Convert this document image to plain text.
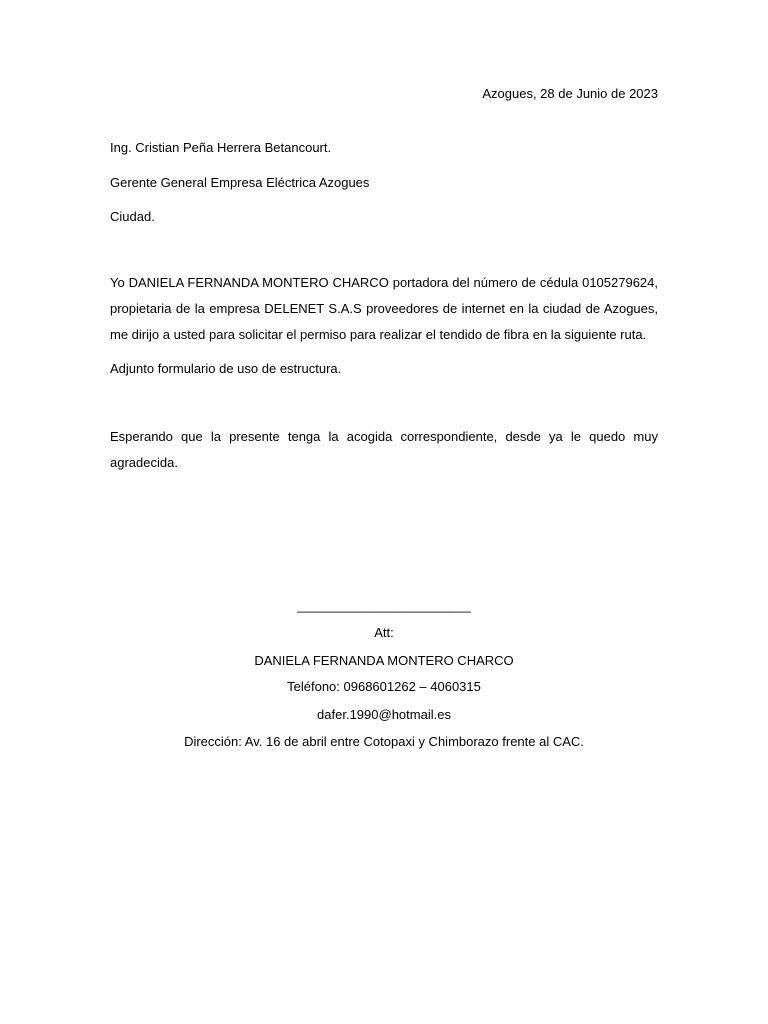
Azogues, 28 de Junio de 2023
Ing. Cristian Peña Herrera Betancourt.
Gerente General Empresa Eléctrica Azogues
Ciudad.
Yo DANIELA FERNANDA MONTERO CHARCO portadora del número de cédula 0105279624, propietaria de la empresa DELENET S.A.S proveedores de internet en la ciudad de Azogues, me dirijo a usted para solicitar el permiso para realizar el tendido de fibra en la siguiente ruta.
Adjunto formulario de uso de estructura.
Esperando que la presente tenga la acogida correspondiente, desde ya le quedo muy agradecida.
________________________
Att:
DANIELA FERNANDA MONTERO CHARCO
Teléfono: 0968601262 – 4060315
dafer.1990@hotmail.es
Dirección: Av. 16 de abril entre Cotopaxi y Chimborazo frente al CAC.
